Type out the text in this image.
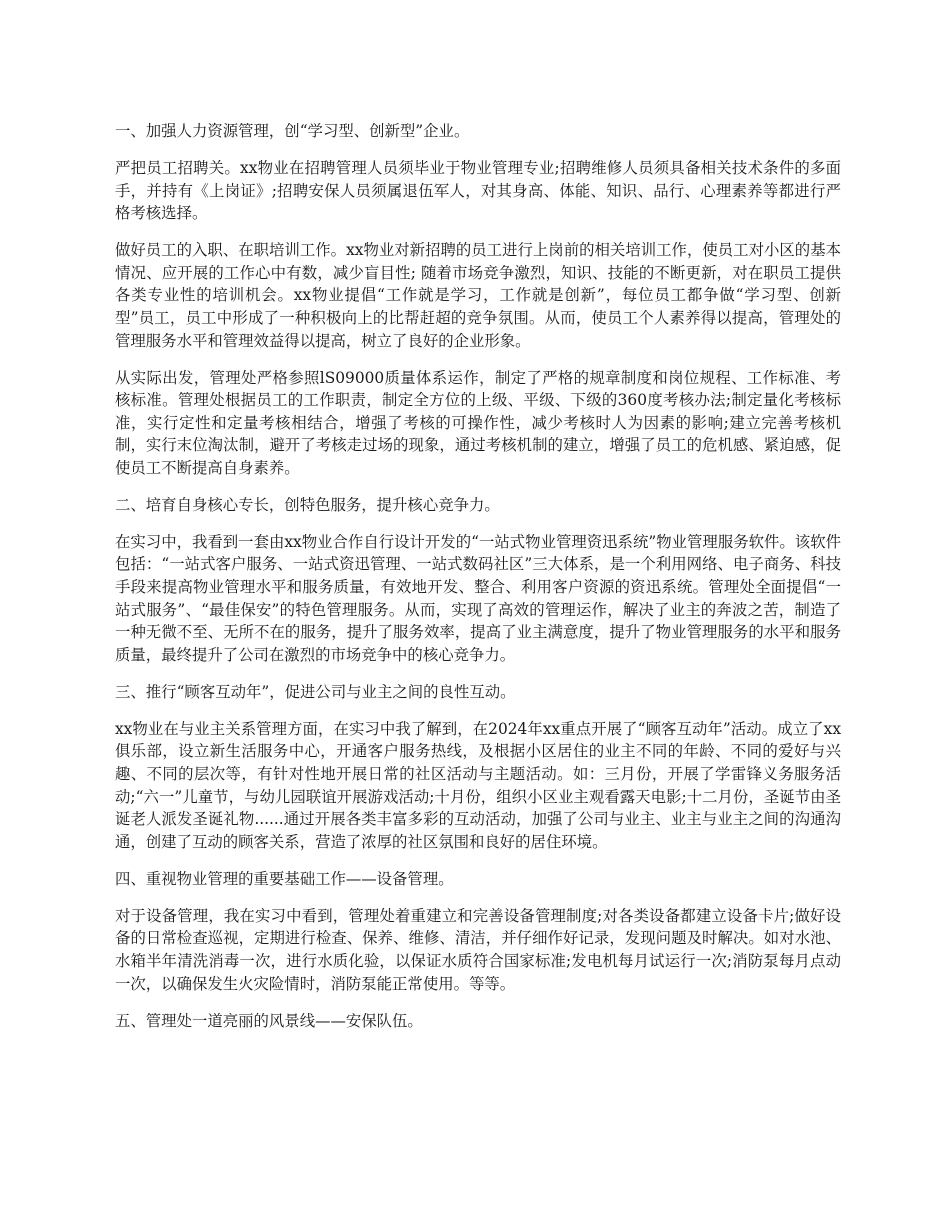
一、加强人力资源管理，创“学习型、创新型”企业。

严把员工招聘关。xx物业在招聘管理人员须毕业于物业管理专业;招聘维修人员须具备相关技术条件的多面手，并持有《上岗证》;招聘安保人员须属退伍军人，对其身高、体能、知识、品行、心理素养等都进行严格考核选择。

做好员工的入职、在职培训工作。xx物业对新招聘的员工进行上岗前的相关培训工作，使员工对小区的基本情况、应开展的工作心中有数，减少盲目性; 随着市场竞争激烈，知识、技能的不断更新，对在职员工提供各类专业性的培训机会。xx物业提倡“工作就是学习，工作就是创新”，每位员工都争做“学习型、创新型”员工，员工中形成了一种积极向上的比帮赶超的竞争氛围。从而，使员工个人素养得以提高，管理处的管理服务水平和管理效益得以提高，树立了良好的企业形象。

从实际出发，管理处严格参照lS09000质量体系运作，制定了严格的规章制度和岗位规程、工作标准、考核标准。管理处根据员工的工作职责，制定全方位的上级、平级、下级的360度考核办法;制定量化考核标准，实行定性和定量考核相结合，增强了考核的可操作性，减少考核时人为因素的影响;建立完善考核机制，实行末位淘汰制，避开了考核走过场的现象，通过考核机制的建立，增强了员工的危机感、紧迫感，促使员工不断提高自身素养。

二、培育自身核心专长，创特色服务，提升核心竞争力。

在实习中，我看到一套由xx物业合作自行设计开发的“一站式物业管理资迅系统”物业管理服务软件。该软件包括：“一站式客户服务、一站式资迅管理、一站式数码社区”三大体系，是一个利用网络、电子商务、科技手段来提高物业管理水平和服务质量，有效地开发、整合、利用客户资源的资迅系统。管理处全面提倡“一站式服务”、“最佳保安”的特色管理服务。从而，实现了高效的管理运作，解决了业主的奔波之苦，制造了一种无微不至、无所不在的服务，提升了服务效率，提高了业主满意度，提升了物业管理服务的水平和服务质量，最终提升了公司在激烈的市场竞争中的核心竞争力。

三、推行“顾客互动年”，促进公司与业主之间的良性互动。

xx物业在与业主关系管理方面，在实习中我了解到，在2024年xx重点开展了“顾客互动年”活动。成立了xx俱乐部，设立新生活服务中心，开通客户服务热线，及根据小区居住的业主不同的年龄、不同的爱好与兴趣、不同的层次等，有针对性地开展日常的社区活动与主题活动。如：三月份，开展了学雷锋义务服务活动;“六一”儿童节，与幼儿园联谊开展游戏活动;十月份，组织小区业主观看露天电影;十二月份，圣诞节由圣诞老人派发圣诞礼物......通过开展各类丰富多彩的互动活动，加强了公司与业主、业主与业主之间的沟通沟通，创建了互动的顾客关系，营造了浓厚的社区氛围和良好的居住环境。

四、重视物业管理的重要基础工作——设备管理。

对于设备管理，我在实习中看到，管理处着重建立和完善设备管理制度;对各类设备都建立设备卡片;做好设备的日常检查巡视，定期进行检查、保养、维修、清洁，并仔细作好记录，发现问题及时解决。如对水池、水箱半年清洗消毒一次，进行水质化验，以保证水质符合国家标准;发电机每月试运行一次;消防泵每月点动一次，以确保发生火灾险情时，消防泵能正常使用。等等。

五、管理处一道亮丽的风景线——安保队伍。
